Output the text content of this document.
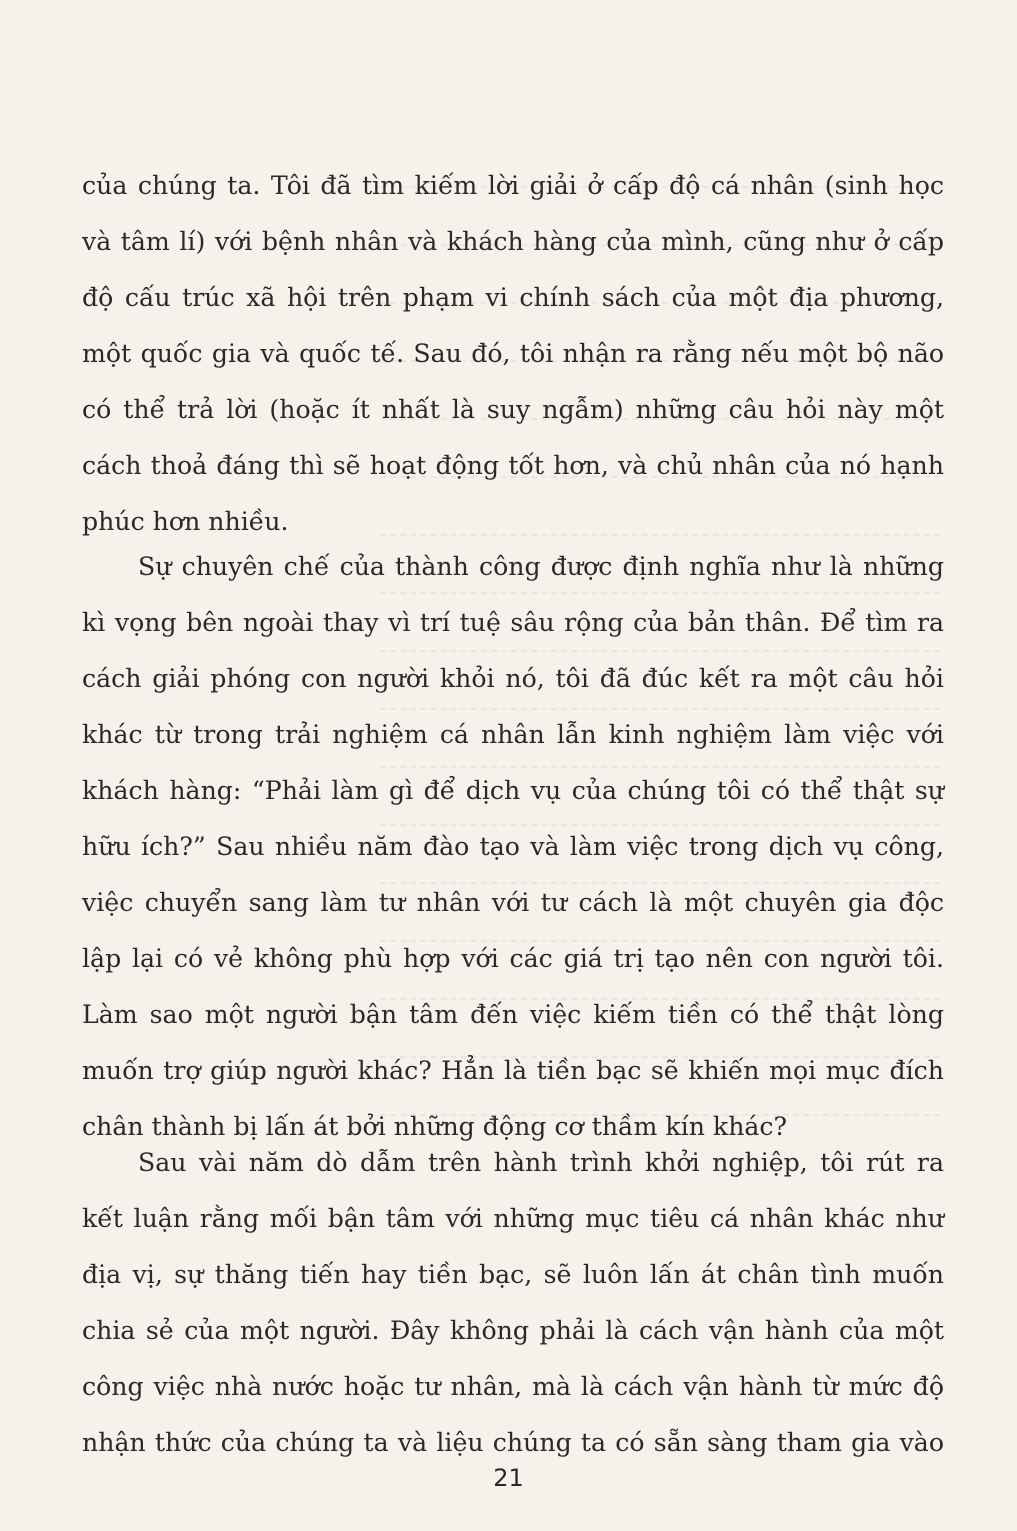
của chúng ta. Tôi đã tìm kiếm lời giải ở cấp độ cá nhân (sinh học
và tâm lí) với bệnh nhân và khách hàng của mình, cũng như ở cấp
độ cấu trúc xã hội trên phạm vi chính sách của một địa phương,
một quốc gia và quốc tế. Sau đó, tôi nhận ra rằng nếu một bộ não
có thể trả lời (hoặc ít nhất là suy ngẫm) những câu hỏi này một
cách thoả đáng thì sẽ hoạt động tốt hơn, và chủ nhân của nó hạnh
phúc hơn nhiều.
Sự chuyên chế của thành công được định nghĩa như là những
kì vọng bên ngoài thay vì trí tuệ sâu rộng của bản thân. Để tìm ra
cách giải phóng con người khỏi nó, tôi đã đúc kết ra một câu hỏi
khác từ trong trải nghiệm cá nhân lẫn kinh nghiệm làm việc với
khách hàng: “Phải làm gì để dịch vụ của chúng tôi có thể thật sự
hữu ích?” Sau nhiều năm đào tạo và làm việc trong dịch vụ công,
việc chuyển sang làm tư nhân với tư cách là một chuyên gia độc
lập lại có vẻ không phù hợp với các giá trị tạo nên con người tôi.
Làm sao một người bận tâm đến việc kiếm tiền có thể thật lòng
muốn trợ giúp người khác? Hẳn là tiền bạc sẽ khiến mọi mục đích
chân thành bị lấn át bởi những động cơ thầm kín khác?
Sau vài năm dò dẫm trên hành trình khởi nghiệp, tôi rút ra
kết luận rằng mối bận tâm với những mục tiêu cá nhân khác như
địa vị, sự thăng tiến hay tiền bạc, sẽ luôn lấn át chân tình muốn
chia sẻ của một người. Đây không phải là cách vận hành của một
công việc nhà nước hoặc tư nhân, mà là cách vận hành từ mức độ
nhận thức của chúng ta và liệu chúng ta có sẵn sàng tham gia vào
21
